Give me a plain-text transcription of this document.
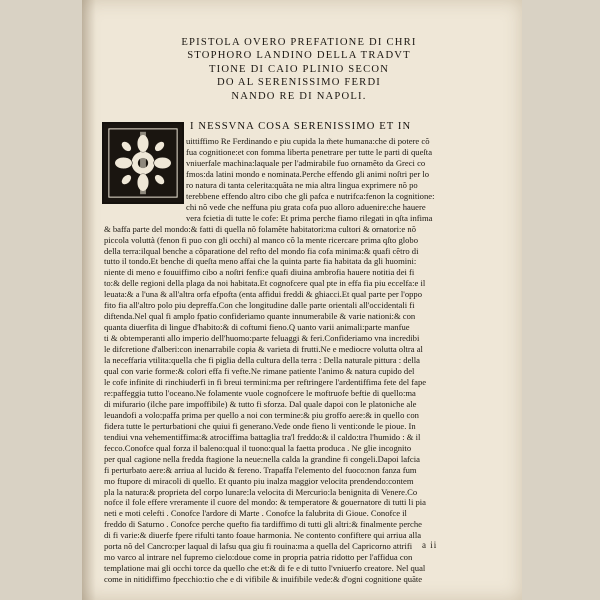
EPISTOLA OVERO PREFATIONE DI CHRI
STOPHORO LANDINO DELLA TRADVT
TIONE DI CAIO PLINIO SECON
DO AL SERENISSIMO FERDI
NANDO RE DI NAPOLI.
I NESSVNA COSA SERENISSIMO ET IN
uittiffimo Re Ferdinando e piu cupida la m̃ete humana:che di potere cõ
fua cognitione:et con fomma liberta penetrare per tutte le parti di queſta
vniuerfale machina:laquale per l'admirabile fuo ornamẽto da Greci co
fmos:da latini mondo e nominata.Perche effendo gli animi noſtri per lo
ro natura di tanta celerita:quãta ne mia altra lingua exprimere nõ po
terebbene effendo altro cibo che gli pafca e nutrifca:fenon la cognitione:
chi nõ vede che neffuna piu grata cofa puo alloro aduenire:che hauere
vera fcietia di tutte le cofe: Et prima perche fiamo rilegati in qſta infima
& baffa parte del mondo:& fatti di quella nõ folamẽte habitatori:ma cultori & ornatori:e nõ
piccola voluttà (fenon fi puo con gli occhi) al manco cõ la mente ricercare prima qſto globo
della terra:ilqual benche a cõparatione del refto del mondo fia cofa minima:& quafi cẽtro di
tutto il tondo.Et benche di queſta meno affai che la quinta parte fia habitata da gli huomini:
niente di meno e fouuiffimo cibo a noſtri fenfi:e quafi diuina ambrofia hauere notitia dei fi
to:& delle regioni della plaga da noi habitata.Et cognofcere qual pte in effa fia piu eccelfa:e il
leuata:& a l'una & all'altra orfa efpofta (enta affidui freddi & ghiacci.Et qual parte per l'oppo
fito fia all'altro polo piu depreffa.Con che longitudine dalle parte orientali all'occidentali fi
diftenda.Nel qual fi amplo fpatio confideriamo quante innumerabile & varie nationi:& con
quanta diuerfita di lingue d'habito:& di coftumi fieno.Q uanto varii animali:parte manfue
ti & obtemperanti allo imperio dell'huomo:parte feluaggi & feri.Confideriamo vna incredibi
le difcretione d'alberi:con inenarrabile copia & varieta di frutti.Ne e mediocre volutta oltra al
la neceffaria vtilita:quella che fi piglia della cultura della terra : Della naturale pittura : della
qual con varie forme:& colori effa fi vefte.Ne rimane patiente l'animo & natura cupido del
le cofe infinite di rinchiuderfi in fi breui termini:ma per reftringere l'ardentiffima fete del fape
re:paffeggia tutto l'oceano.Ne folamente vuole cognofcere le moftruofe beftie di quello:ma
di mifurario (ilche pare impoffibile) & tutto fi sforza. Dal quale dapoi con le platoniche ale
leuandofi a volo:paffa prima per quello a noi con termine:& piu groffo aere:& in quello con
fidera tutte le perturbationi che quiui fi generano.Vede onde fieno li venti:onde le pioue. In
tendiui vna vehementiffima:& atrociffima battaglia tra'l freddo:& il caldo:tra l'humido : & il
fecco.Conofce qual forza il baleno:qual il tuono:qual la faetta produca . Ne glie incognito
per qual cagione nella fredda ftagione la neue:nella calda la grandine fi congeli.Dapoi lafcia
fi perturbato aere:& arriua al lucido & fereno. Trapaffa l'elemento del fuoco:non fanza fum
mo ftupore di miracoli di quello. Et quanto piu inalza maggior velocita prendendo:contem
pla la natura:& proprieta del corpo lunare:la velocita di Mercurio:la benignita di Venere.Co
nofce il fole effere vreramente il cuore del mondo: & temperatore & gouernatore di tutti li pia
neti e moti celefti . Conofce l'ardore di Marte . Conofce la falubrita di Gioue. Conofce il
freddo di Saturno . Conofce perche quefto fia tardiffimo di tutti gli altri:& finalmente perche
di fi varie:& diuerfe fpere rifulti tanto foaue harmonia. Ne contento confiftere qui arriua alla
porta nõ del Cancro:per laqual di lafsu qua giu fi rouina:ma a quella del Capricorno attrifi
mo varco al intrare nel fupremo cielo:doue come in propria patria ridotto per l'affidua con
templatione mai gli occhi torce da quello che et:& di fe e di tutto l'vniuerfo creatore. Nel qual
come in nitidiffimo fpecchio:tio che e di vifibile & inuifibile vede:& d'ogni cognitione quãte
a ii
